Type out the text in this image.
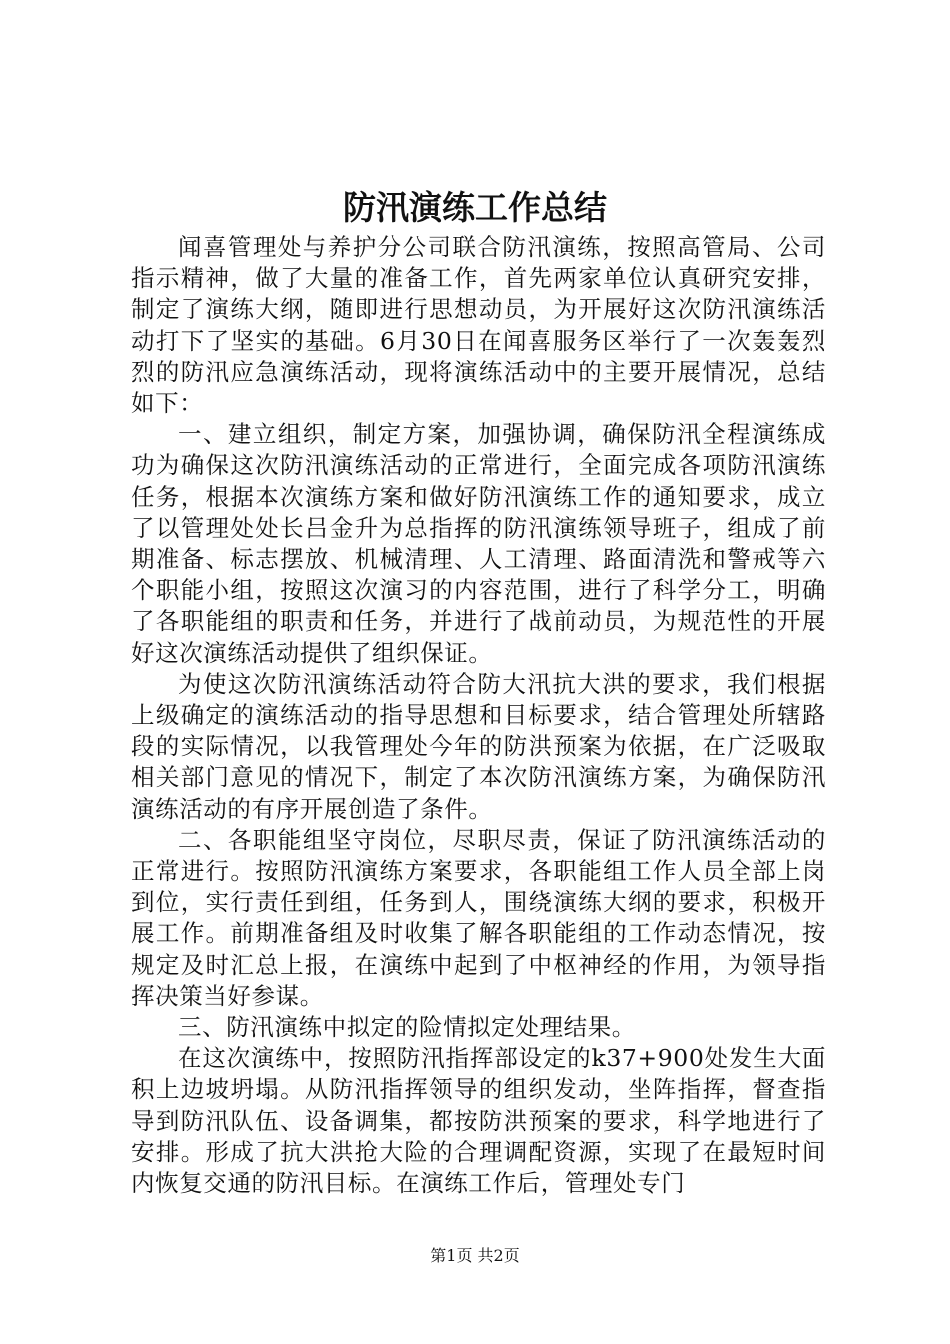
防汛演练工作总结

闻喜管理处与养护分公司联合防汛演练，按照高管局、公司指示精神，做了大量的准备工作，首先两家单位认真研究安排，制定了演练大纲，随即进行思想动员，为开展好这次防汛演练活动打下了坚实的基础。6月30日在闻喜服务区举行了一次轰轰烈烈的防汛应急演练活动，现将演练活动中的主要开展情况，总结如下：

一、建立组织，制定方案，加强协调，确保防汛全程演练成功为确保这次防汛演练活动的正常进行，全面完成各项防汛演练任务，根据本次演练方案和做好防汛演练工作的通知要求，成立了以管理处处长吕金升为总指挥的防汛演练领导班子，组成了前期准备、标志摆放、机械清理、人工清理、路面清洗和警戒等六个职能小组，按照这次演习的内容范围，进行了科学分工，明确了各职能组的职责和任务，并进行了战前动员，为规范性的开展好这次演练活动提供了组织保证。

为使这次防汛演练活动符合防大汛抗大洪的要求，我们根据上级确定的演练活动的指导思想和目标要求，结合管理处所辖路段的实际情况，以我管理处今年的防洪预案为依据，在广泛吸取相关部门意见的情况下，制定了本次防汛演练方案，为确保防汛演练活动的有序开展创造了条件。

二、各职能组坚守岗位，尽职尽责，保证了防汛演练活动的正常进行。按照防汛演练方案要求，各职能组工作人员全部上岗到位，实行责任到组，任务到人，围绕演练大纲的要求，积极开展工作。前期准备组及时收集了解各职能组的工作动态情况，按规定及时汇总上报，在演练中起到了中枢神经的作用，为领导指挥决策当好参谋。

三、防汛演练中拟定的险情拟定处理结果。

在这次演练中，按照防汛指挥部设定的k37+900处发生大面积上边坡坍塌。从防汛指挥领导的组织发动，坐阵指挥，督查指导到防汛队伍、设备调集，都按防洪预案的要求，科学地进行了安排。形成了抗大洪抢大险的合理调配资源，实现了在最短时间内恢复交通的防汛目标。在演练工作后，管理处专门

第1页 共2页
